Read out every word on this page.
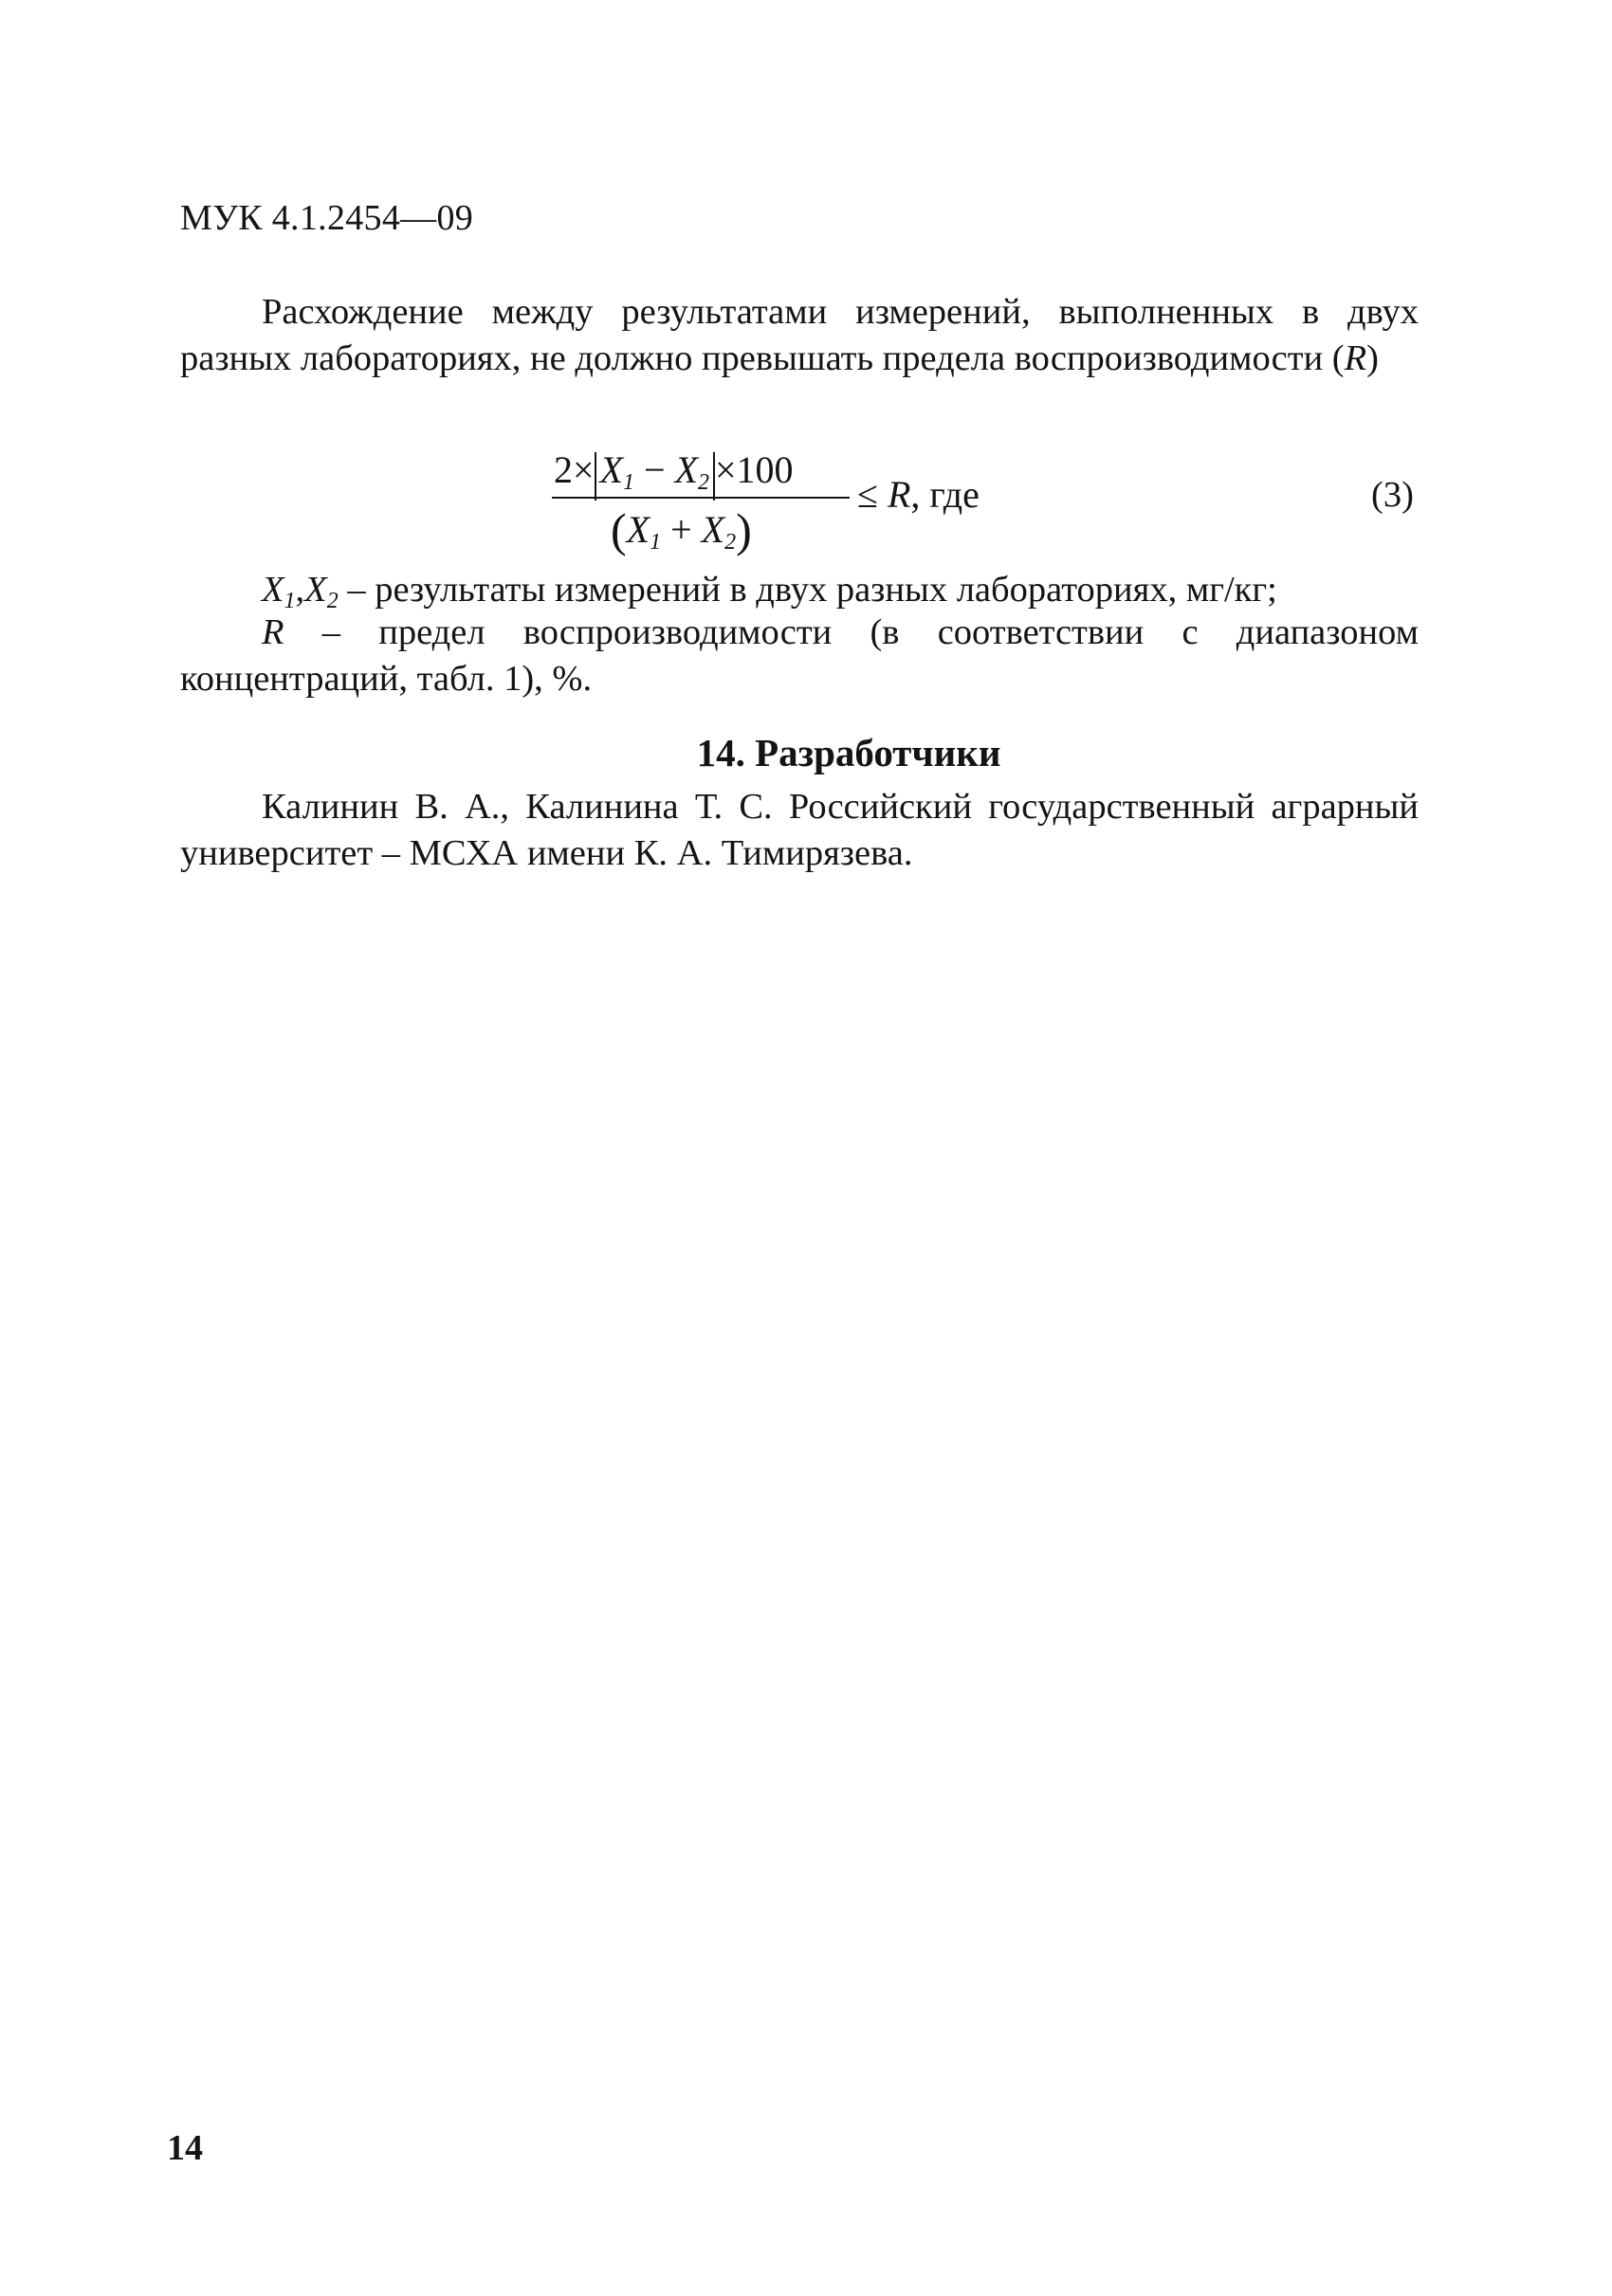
МУК 4.1.2454—09
Расхождение между результатами измерений, выполненных в двух разных лабораториях, не должно превышать предела воспроизводимости (R)
$2\times X_1 - X_2 \times 100$
$(X_1 + X_2)$
≤ R, где	(3)
$X_1,X_2$ – результаты измерений в двух разных лабораториях, мг/кг;
R – предел воспроизводимости (в соответствии с диапазоном концентраций, табл. 1), %.
14. Разработчики
Калинин В. А., Калинина Т. С. Российский государственный аграрный университет – МСХА имени К. А. Тимирязева.
14
